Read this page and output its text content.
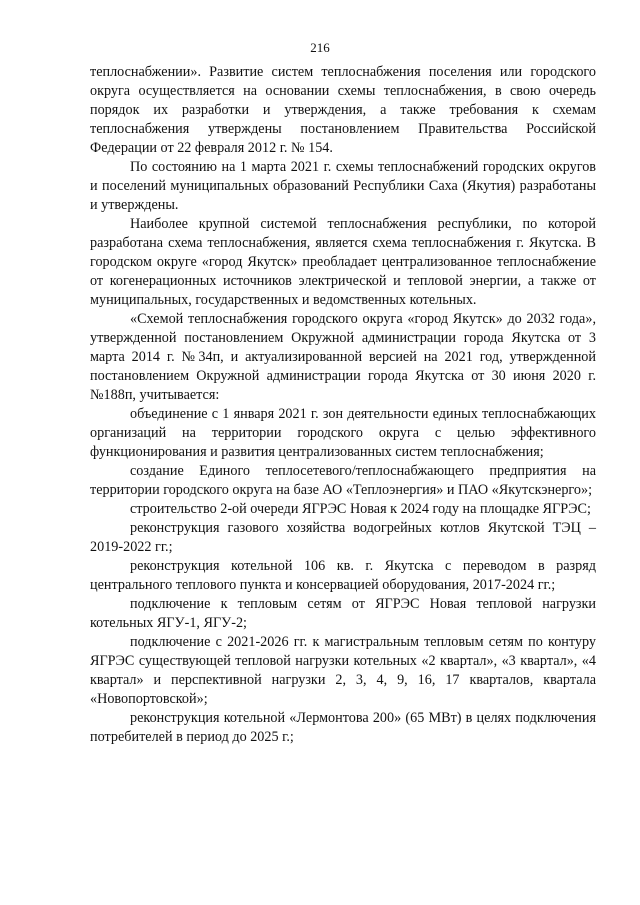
216

теплоснабжении». Развитие систем теплоснабжения поселения или городского округа осуществляется на основании схемы теплоснабжения, в свою очередь порядок их разработки и утверждения, а также требования к схемам теплоснабжения утверждены постановлением Правительства Российской Федерации от 22 февраля 2012 г. № 154.

По состоянию на 1 марта 2021 г. схемы теплоснабжений городских округов и поселений муниципальных образований Республики Саха (Якутия) разработаны и утверждены.

Наиболее крупной системой теплоснабжения республики, по которой разработана схема теплоснабжения, является схема теплоснабжения г. Якутска. В городском округе «город Якутск» преобладает централизованное теплоснабжение от когенерационных источников электрической и тепловой энергии, а также от муниципальных, государственных и ведомственных котельных.

«Схемой теплоснабжения городского округа «город Якутск» до 2032 года», утвержденной постановлением Окружной администрации города Якутска от 3 марта 2014 г. №34п, и актуализированной версией на 2021 год, утвержденной постановлением Окружной администрации города Якутска от 30 июня 2020 г. №188п, учитывается:

объединение с 1 января 2021 г. зон деятельности единых теплоснабжающих организаций на территории городского округа с целью эффективного функционирования и развития централизованных систем теплоснабжения;

создание Единого теплосетевого/теплоснабжающего предприятия на территории городского округа на базе АО «Теплоэнергия» и ПАО «Якутскэнерго»;

строительство 2-ой очереди ЯГРЭС Новая к 2024 году на площадке ЯГРЭС;

реконструкция газового хозяйства водогрейных котлов Якутской ТЭЦ – 2019-2022 гг.;

реконструкция котельной 106 кв. г. Якутска с переводом в разряд центрального теплового пункта и консервацией оборудования, 2017-2024 гг.;

подключение к тепловым сетям от ЯГРЭС Новая тепловой нагрузки котельных ЯГУ-1, ЯГУ-2;

подключение с 2021-2026 гг. к магистральным тепловым сетям по контуру ЯГРЭС существующей тепловой нагрузки котельных «2 квартал», «3 квартал», «4 квартал» и перспективной нагрузки 2, 3, 4, 9, 16, 17 кварталов, квартала «Новопортовской»;

реконструкция котельной «Лермонтова 200» (65 МВт) в целях подключения потребителей в период до 2025 г.;
